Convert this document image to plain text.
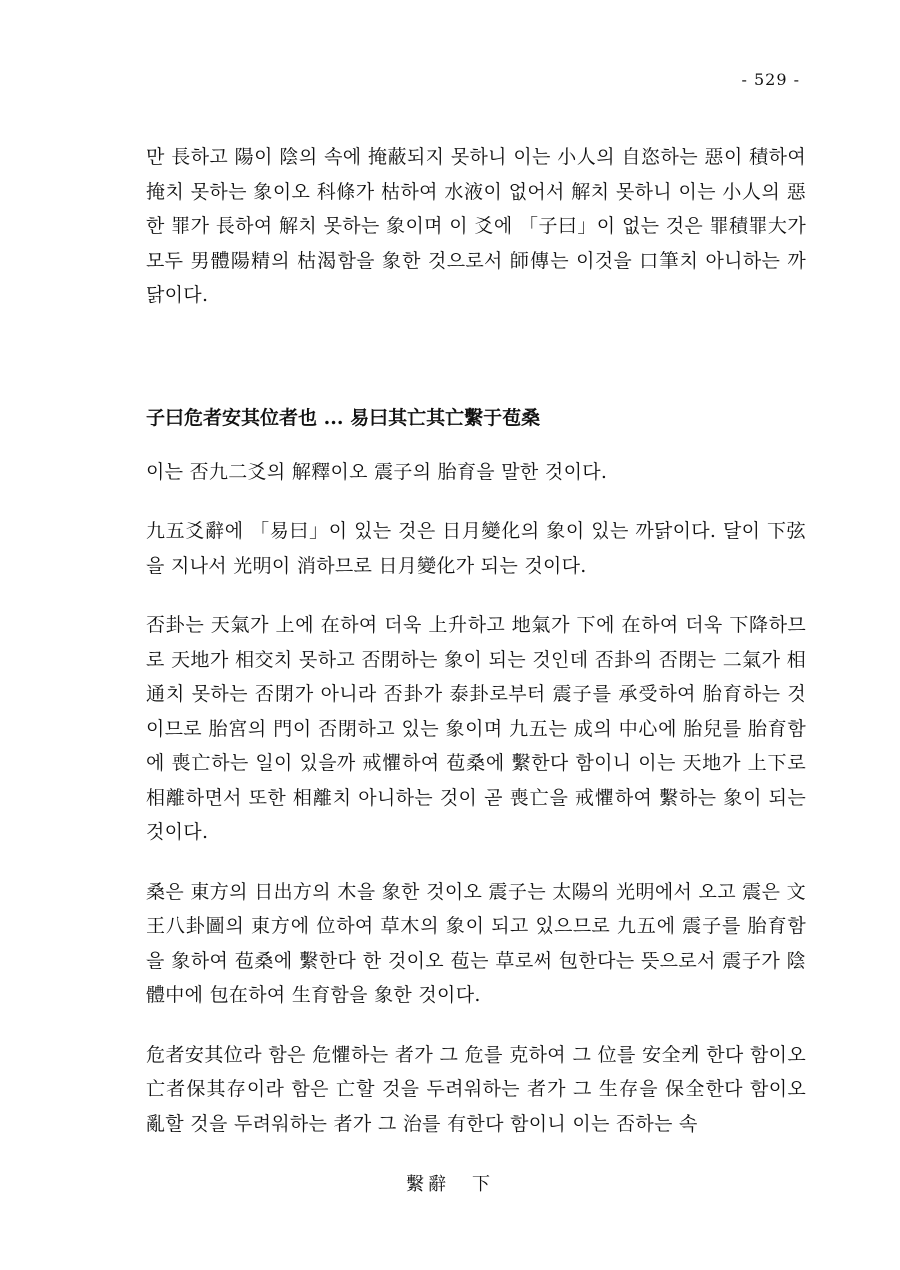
- 529 -

만 長하고 陽이 陰의 속에 掩蔽되지 못하니 이는 小人의 自恣하는 惡이 積하여 掩치 못하는 象이오 科條가 枯하여 水液이 없어서 解치 못하니 이는 小人의 惡한 罪가 長하여 解치 못하는 象이며 이 爻에 「子曰」이 없는 것은 罪積罪大가 모두 男體陽精의 枯渴함을 象한 것으로서 師傳는 이것을 口筆치 아니하는 까닭이다.

子曰危者安其位者也 ... 易曰其亡其亡繫于苞桑

이는 否九二爻의 解釋이오 震子의 胎育을 말한 것이다.

九五爻辭에 「易曰」이 있는 것은 日月變化의 象이 있는 까닭이다. 달이 下弦을 지나서 光明이 消하므로 日月變化가 되는 것이다.

否卦는 天氣가 上에 在하여 더욱 上升하고 地氣가 下에 在하여 더욱 下降하므로 天地가 相交치 못하고 否閉하는 象이 되는 것인데 否卦의 否閉는 二氣가 相通치 못하는 否閉가 아니라 否卦가 泰卦로부터 震子를 承受하여 胎育하는 것이므로 胎宮의 門이 否閉하고 있는 象이며 九五는 成의 中心에 胎兒를 胎育함에 喪亡하는 일이 있을까 戒懼하여 苞桑에 繫한다 함이니 이는 天地가 上下로 相離하면서 또한 相離치 아니하는 것이 곧 喪亡을 戒懼하여 繫하는 象이 되는 것이다.

桑은 東方의 日出方의 木을 象한 것이오 震子는 太陽의 光明에서 오고 震은 文王八卦圖의 東方에 位하여 草木의 象이 되고 있으므로 九五에 震子를 胎育함을 象하여 苞桑에 繫한다 한 것이오 苞는 草로써 包한다는 뜻으로서 震子가 陰體中에 包在하여 生育함을 象한 것이다.

危者安其位라 함은 危懼하는 者가 그 危를 克하여 그 位를 安全케 한다 함이오 亡者保其存이라 함은 亡할 것을 두려워하는 者가 그 生存을 保全한다 함이오 亂할 것을 두려워하는 者가 그 治를 有한다 함이니 이는 否하는 속

繫辭　下
